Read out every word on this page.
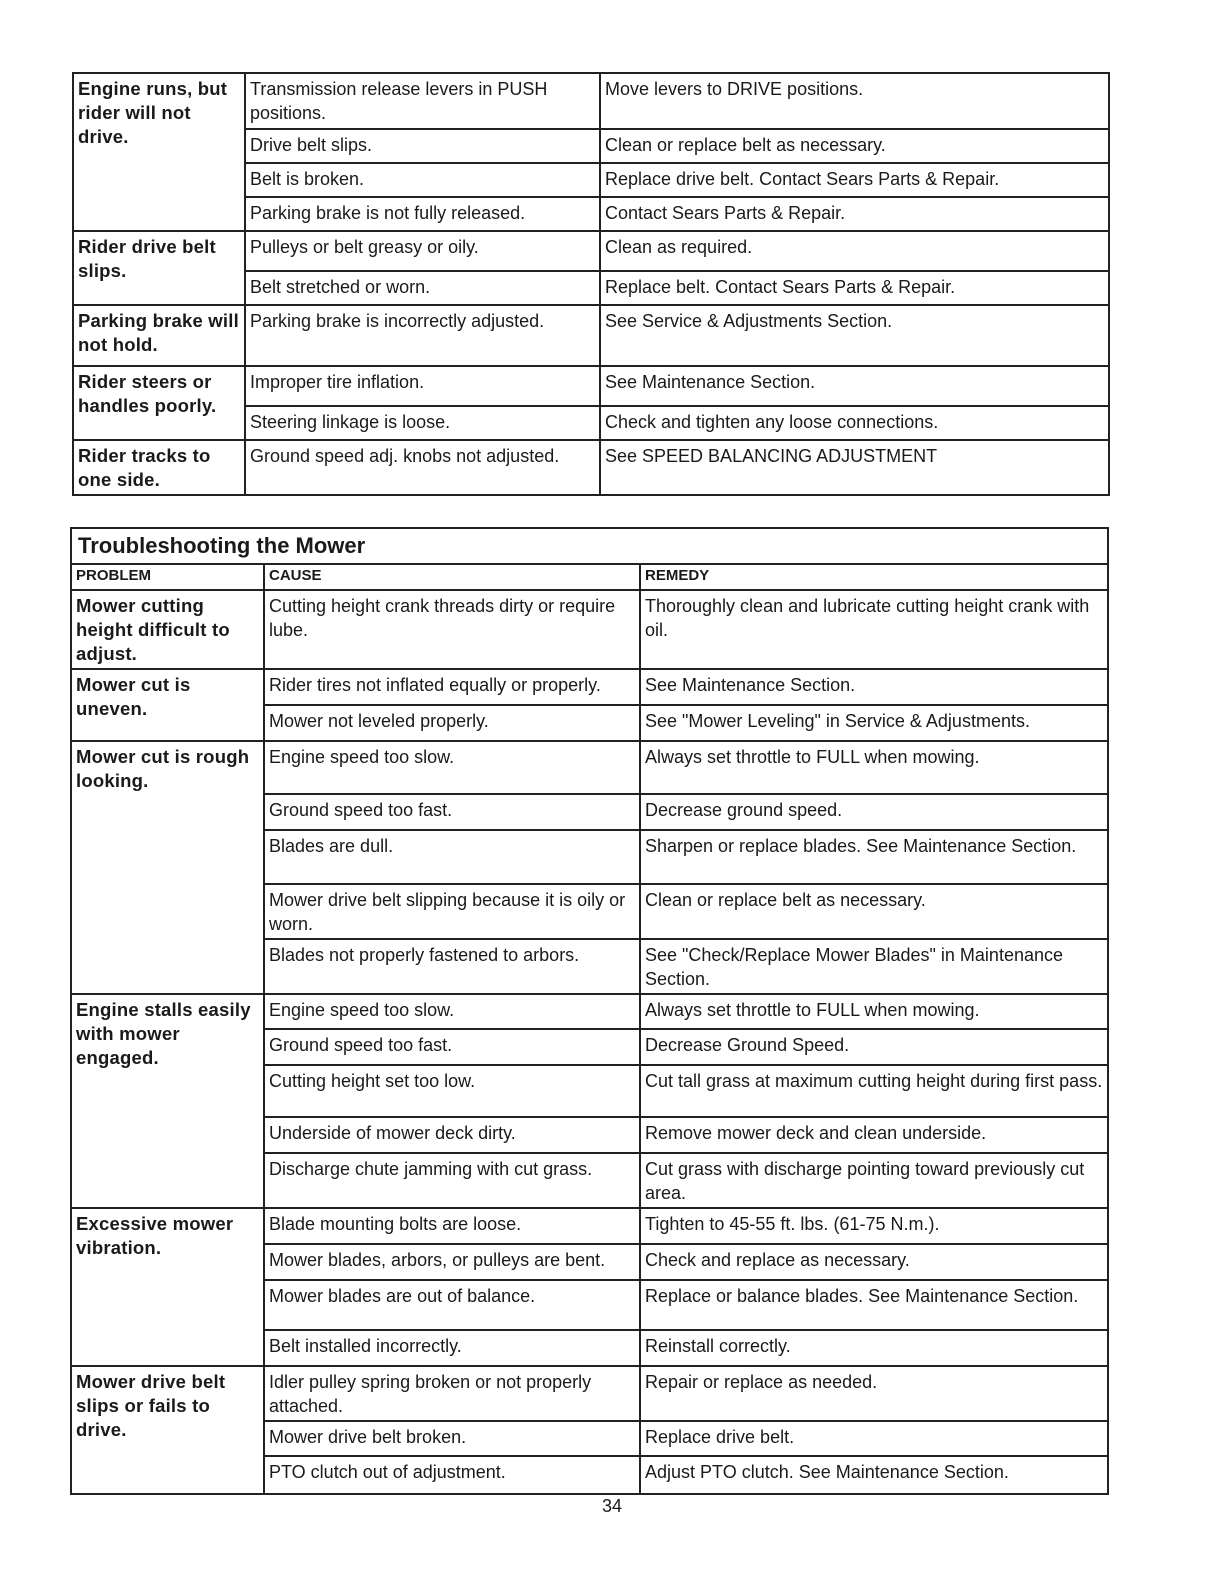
Engine runs, but rider will not drive.	Transmission release levers in PUSH positions.	Move levers to DRIVE positions.
	Drive belt slips.	Clean or replace belt as necessary.
	Belt is broken.	Replace drive belt. Contact Sears Parts & Repair.
	Parking brake is not fully released.	Contact Sears Parts & Repair.
Rider drive belt slips.	Pulleys or belt greasy or oily.	Clean as required.
	Belt stretched or worn.	Replace belt. Contact Sears Parts & Repair.
Parking brake will not hold.	Parking brake is incorrectly adjusted.	See Service & Adjustments Section.
Rider steers or handles poorly.	Improper tire inflation.	See Maintenance Section.
	Steering linkage is loose.	Check and tighten any loose connections.
Rider tracks to one side.	Ground speed adj. knobs not adjusted.	See SPEED BALANCING ADJUSTMENT
Troubleshooting the Mower		
PROBLEM	CAUSE	REMEDY
Mower cutting height difficult to adjust.	Cutting height crank threads dirty or require lube.	Thoroughly clean and lubricate cutting height crank with oil.
Mower cut is uneven.	Rider tires not inflated equally or properly.	See Maintenance Section.
	Mower not leveled properly.	See "Mower Leveling" in Service & Adjustments.
Mower cut is rough looking.	Engine speed too slow.	Always set throttle to FULL when mowing.
	Ground speed too fast.	Decrease ground speed.
	Blades are dull.	Sharpen or replace blades. See Maintenance Section.
	Mower drive belt slipping because it is oily or worn.	Clean or replace belt as necessary.
	Blades not properly fastened to arbors.	See "Check/Replace Mower Blades" in Maintenance Section.
Engine stalls easily with mower engaged.	Engine speed too slow.	Always set throttle to FULL when mowing.
	Ground speed too fast.	Decrease Ground Speed.
	Cutting height set too low.	Cut tall grass at maximum cutting height during first pass.
	Underside of mower deck dirty.	Remove mower deck and clean underside.
	Discharge chute jamming with cut grass.	Cut grass with discharge pointing toward previously cut area.
Excessive mower vibration.	Blade mounting bolts are loose.	Tighten to 45-55 ft. lbs. (61-75 N.m.).
	Mower blades, arbors, or pulleys are bent.	Check and replace as necessary.
	Mower blades are out of balance.	Replace or balance blades. See Maintenance Section.
	Belt installed incorrectly.	Reinstall correctly.
Mower drive belt slips or fails to drive.	Idler pulley spring broken or not properly attached.	Repair or replace as needed.
	Mower drive belt broken.	Replace drive belt.
	PTO clutch out of adjustment.	Adjust PTO clutch. See Maintenance Section.
34
